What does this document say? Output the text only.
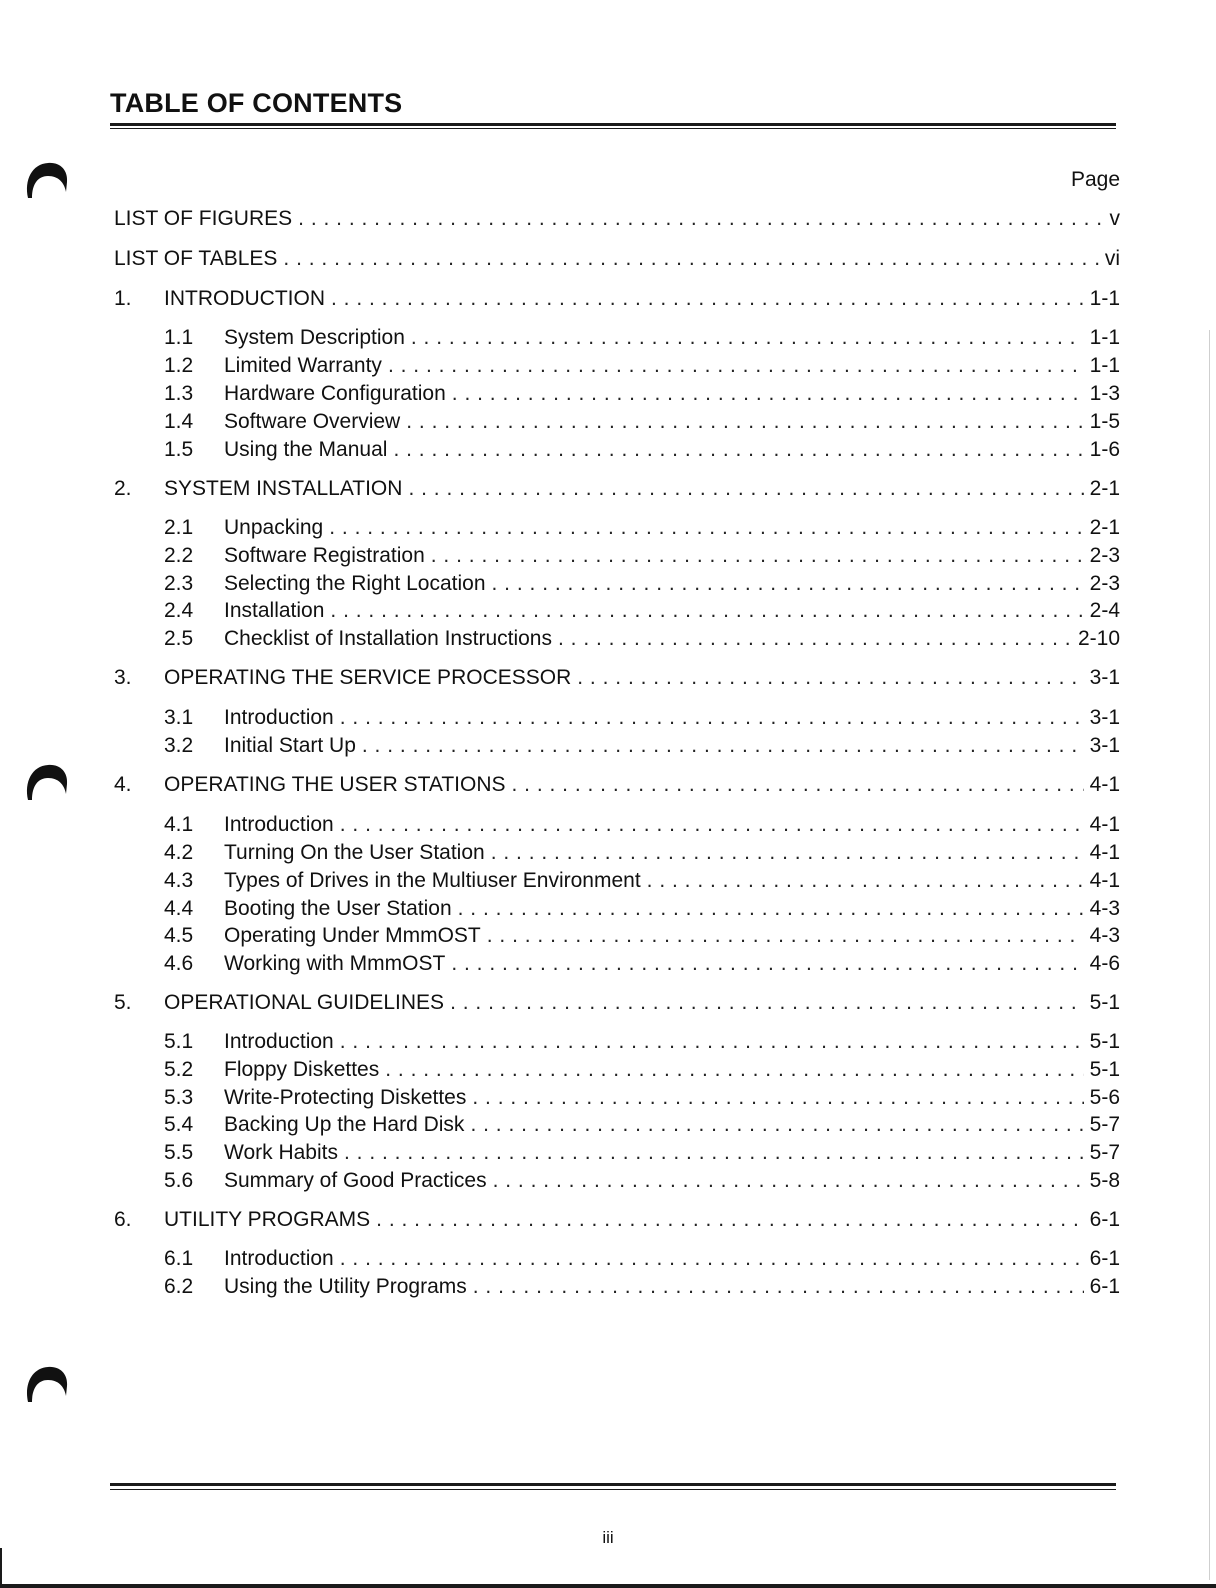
TABLE OF CONTENTS
Page
LIST OF FIGURES . . .	v
LIST OF TABLES . . .	vi
1.	INTRODUCTION . . .	1-1
1.1	System Description . . .	1-1
1.2	Limited Warranty . . .	1-1
1.3	Hardware Configuration . . .	1-3
1.4	Software Overview . . .	1-5
1.5	Using the Manual . . .	1-6
2.	SYSTEM INSTALLATION . . .	2-1
2.1	Unpacking . . .	2-1
2.2	Software Registration . . .	2-3
2.3	Selecting the Right Location . . .	2-3
2.4	Installation . . .	2-4
2.5	Checklist of Installation Instructions . . .	2-10
3.	OPERATING THE SERVICE PROCESSOR . . .	3-1
3.1	Introduction . . .	3-1
3.2	Initial Start Up . . .	3-1
4.	OPERATING THE USER STATIONS . . .	4-1
4.1	Introduction . . .	4-1
4.2	Turning On the User Station . . .	4-1
4.3	Types of Drives in the Multiuser Environment . . .	4-1
4.4	Booting the User Station . . .	4-3
4.5	Operating Under MmmOST . . .	4-3
4.6	Working with MmmOST . . .	4-6
5.	OPERATIONAL GUIDELINES . . .	5-1
5.1	Introduction . . .	5-1
5.2	Floppy Diskettes . . .	5-1
5.3	Write-Protecting Diskettes . . .	5-6
5.4	Backing Up the Hard Disk . . .	5-7
5.5	Work Habits . . .	5-7
5.6	Summary of Good Practices . . .	5-8
6.	UTILITY PROGRAMS . . .	6-1
6.1	Introduction . . .	6-1
6.2	Using the Utility Programs . . .	6-1
iii
